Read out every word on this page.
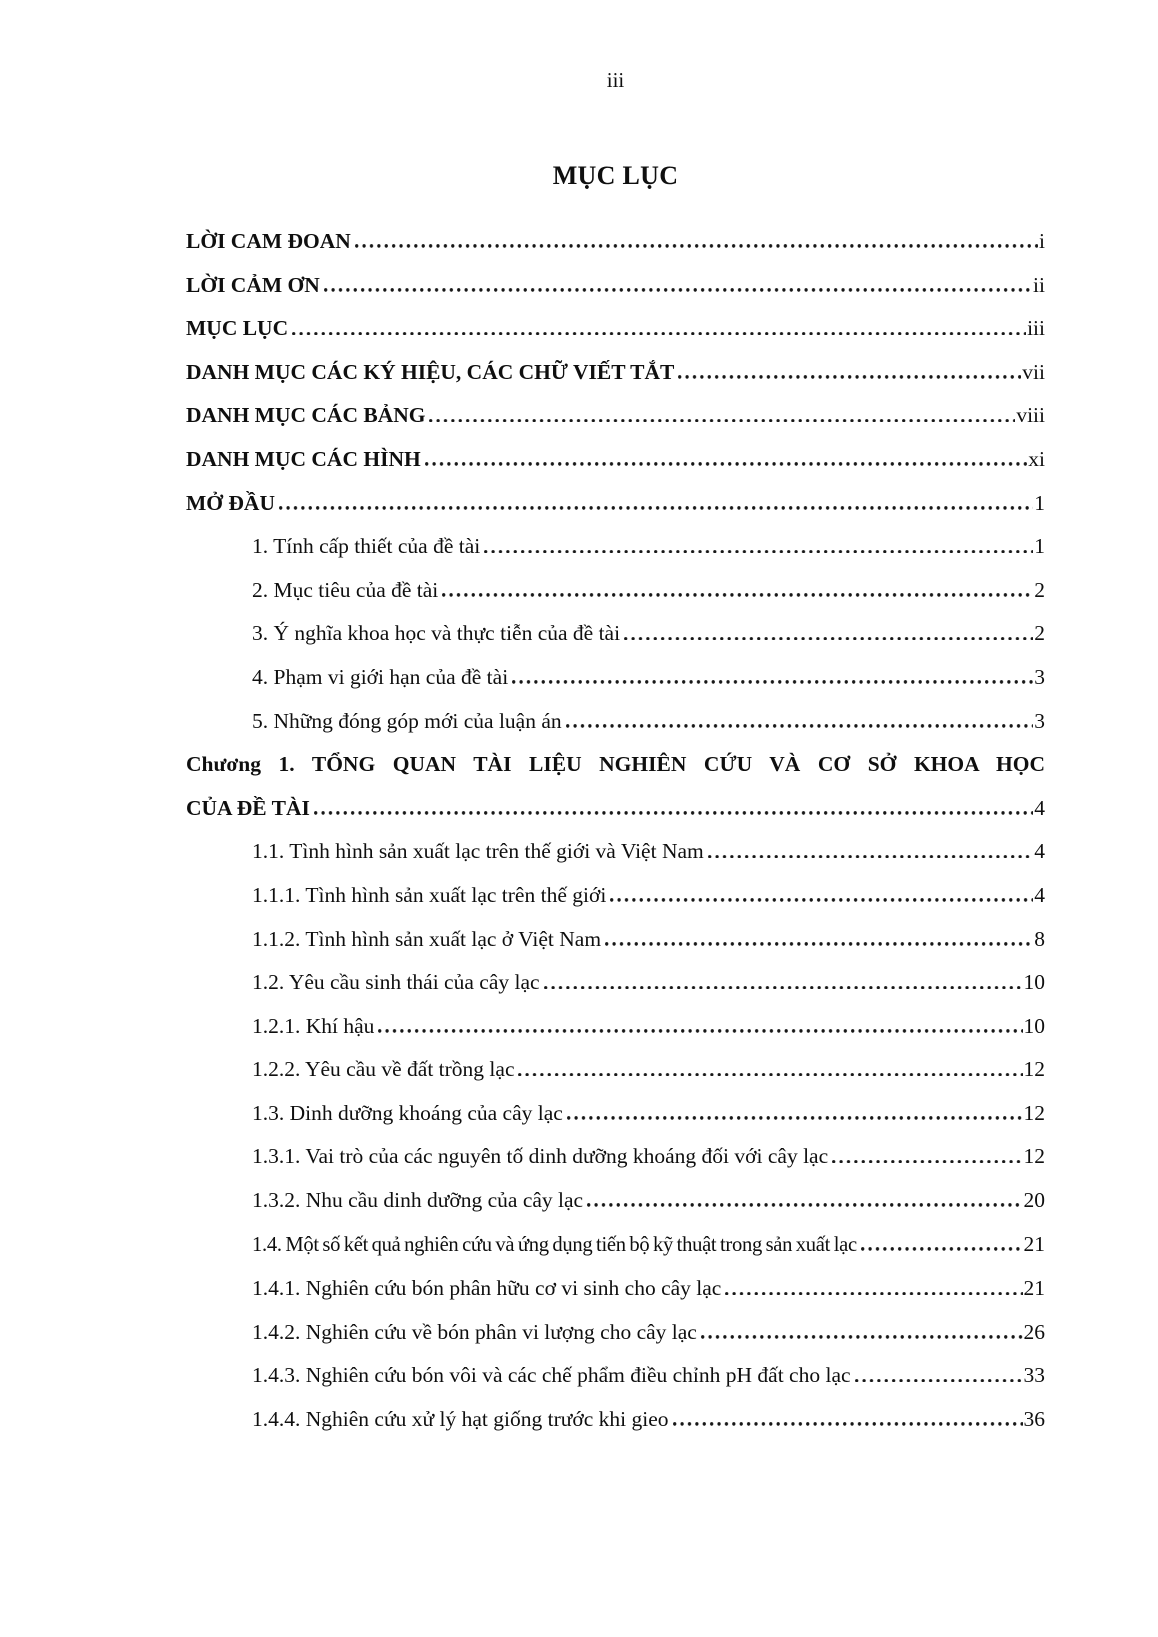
iii
MỤC LỤC
LỜI CAM ĐOAN	i
LỜI CẢM ƠN	ii
MỤC LỤC	iii
DANH MỤC CÁC KÝ HIỆU, CÁC CHỮ VIẾT TẮT	vii
DANH MỤC CÁC BẢNG	viii
DANH MỤC CÁC HÌNH	xi
MỞ ĐẦU	1
1. Tính cấp thiết của đề tài	1
2. Mục tiêu của đề tài	2
3. Ý nghĩa khoa học và thực tiễn của đề tài	2
4. Phạm vi giới hạn của đề tài	3
5. Những đóng góp mới của luận án	3
Chương 1. TỔNG QUAN TÀI LIỆU NGHIÊN CỨU VÀ CƠ SỞ KHOA HỌC
CỦA ĐỀ TÀI	4
1.1. Tình hình sản xuất lạc trên thế giới và Việt Nam	4
1.1.1. Tình hình sản xuất lạc trên thế giới	4
1.1.2. Tình hình sản xuất lạc ở Việt Nam	8
1.2. Yêu cầu sinh thái của cây lạc	10
1.2.1. Khí hậu	10
1.2.2. Yêu cầu về đất trồng lạc	12
1.3. Dinh dưỡng khoáng của cây lạc	12
1.3.1. Vai trò của các nguyên tố dinh dưỡng khoáng đối với cây lạc	12
1.3.2. Nhu cầu dinh dưỡng của cây lạc	20
1.4. Một số kết quả nghiên cứu và ứng dụng tiến bộ kỹ thuật trong sản xuất lạc	21
1.4.1. Nghiên cứu bón phân hữu cơ vi sinh cho cây lạc	21
1.4.2. Nghiên cứu về bón phân vi lượng cho cây lạc	26
1.4.3. Nghiên cứu bón vôi và các chế phẩm điều chỉnh pH đất cho lạc	33
1.4.4. Nghiên cứu xử lý hạt giống trước khi gieo	36
